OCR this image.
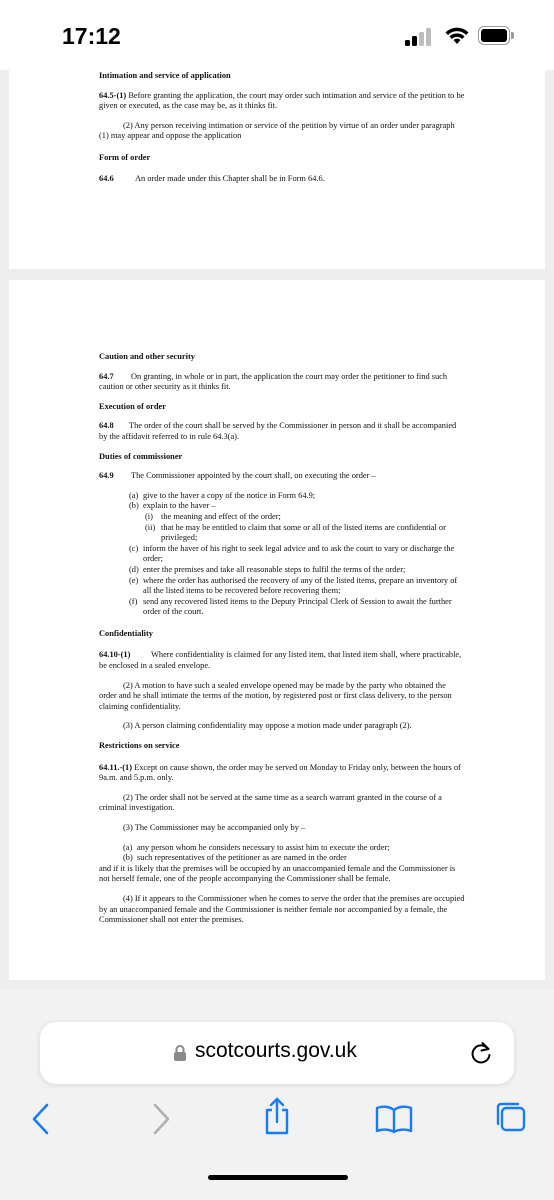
17:12

Intimation and service of application

64.5-(1) Before granting the application, the court may order such intimation and service of the petition to be given or executed, as the case may be, as it thinks fit.

(2) Any person receiving intimation or service of the petition by virtue of an order under paragraph (1) may appear and oppose the application

Form of order

64.6	An order made under this Chapter shall be in Form 64.6.

Caution and other security

64.7 On granting, in whole or in part, the application the court may order the petitioner to find such caution or other security as it thinks fit.

Execution of order

64.8 The order of the court shall be served by the Commissioner in person and it shall be accompanied by the affidavit referred to in rule 64.3(a).

Duties of commissioner

64.9 The Commissioner appointed by the court shall, on executing the order –

(a) give to the haver a copy of the notice in Form 64.9;
(b) explain to the haver –
(i) the meaning and effect of the order;
(ii) that he may be entitled to claim that some or all of the listed items are confidential or privileged;
(c) inform the haver of his right to seek legal advice and to ask the court to vary or discharge the order;
(d) enter the premises and take all reasonable steps to fulfil the terms of the order;
(e) where the order has authorised the recovery of any of the listed items, prepare an inventory of all the listed items to be recovered before recovering them;
(f) send any recovered listed items to the Deputy Principal Clerk of Session to await the further order of the court.

Confidentiality

64.10-(1) Where confidentiality is claimed for any listed item, that listed item shall, where practicable, be enclosed in a sealed envelope.

(2) A motion to have such a sealed envelope opened may be made by the party who obtained the order and he shall intimate the terms of the motion, by registered post or first class delivery, to the person claiming confidentiality.

(3) A person claiming confidentiality may oppose a motion made under paragraph (2).

Restrictions on service

64.11.-(1) Except on cause shown, the order may be served on Monday to Friday only, between the hours of 9a.m. and 5.p.m. only.

(2) The order shall not be served at the same time as a search warrant granted in the course of a criminal investigation.

(3) The Commissioner may be accompanied only by –

(a) any person whom he considers necessary to assist him to execute the order;
(b) such representatives of the petitioner as are named in the order

and if it is likely that the premises will be occupied by an unaccompanied female and the Commissioner is not herself female, one of the people accompanying the Commissioner shall be female.

(4) If it appears to the Commissioner when he comes to serve the order that the premises are occupied by an unaccompanied female and the Commissioner is neither female nor accompanied by a female, the Commissioner shall not enter the premises.

scotcourts.gov.uk
